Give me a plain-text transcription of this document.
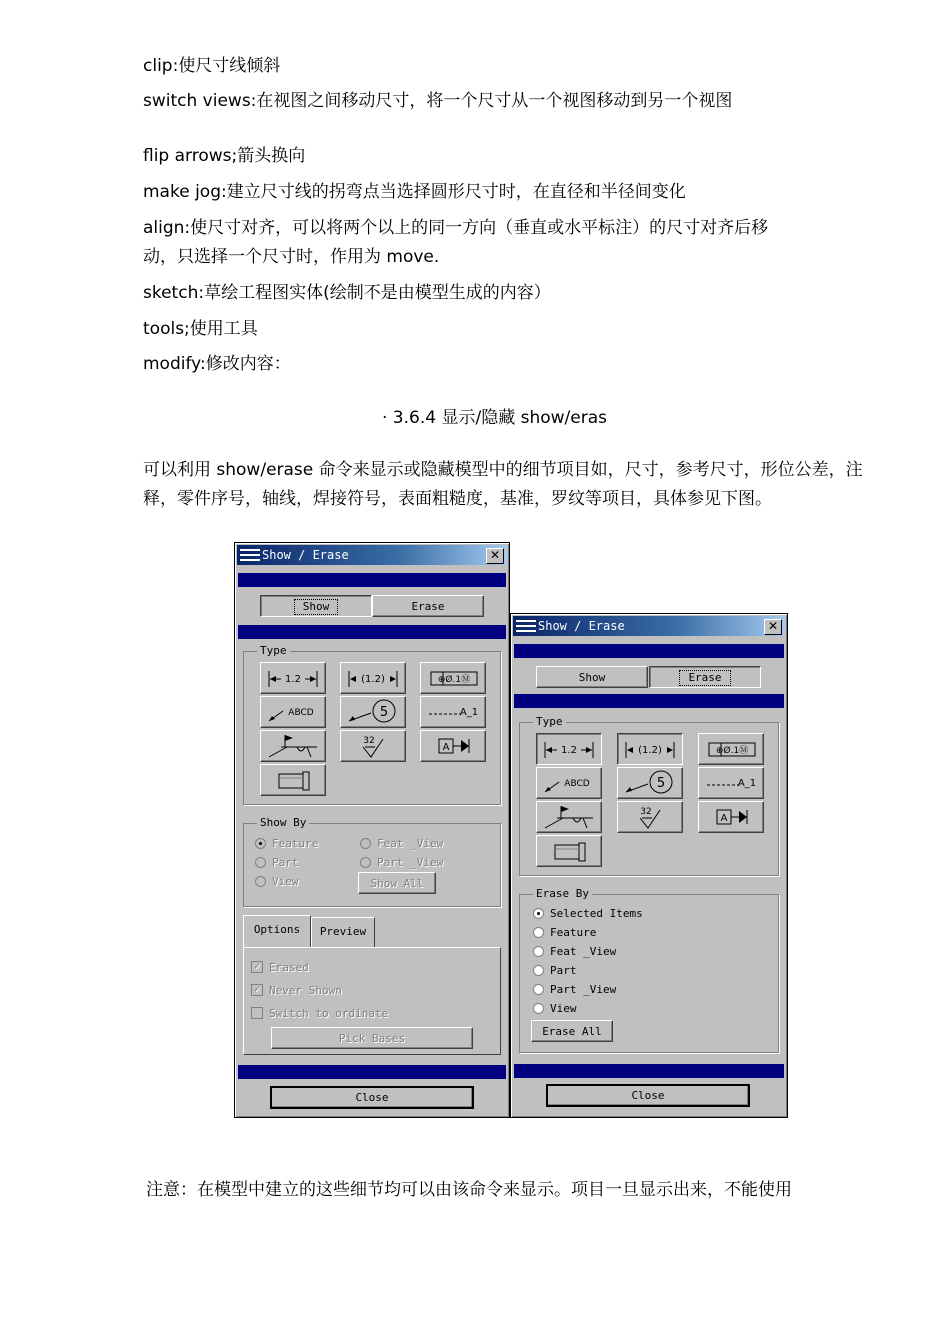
clip:使尺寸线倾斜
switch views:在视图之间移动尺寸，将一个尺寸从一个视图移动到另一个视图
flip arrows;箭头换向
make jog:建立尺寸线的拐弯点当选择圆形尺寸时，在直径和半径间变化
align:使尺寸对齐，可以将两个以上的同一方向（垂直或水平标注）的尺寸对齐后移
动，只选择一个尺寸时，作用为 move.
sketch:草绘工程图实体(绘制不是由模型生成的内容）
tools;使用工具
modify:修改内容：
· 3.6.4 显示/隐藏 show/eras
可以利用 show/erase 命令来显示或隐藏模型中的细节项目如，尺寸，参考尺寸，形位公差，注释，零件序号，轴线，焊接符号，表面粗糙度，基准，罗纹等项目，具体参见下图。
Show / Erase	✕
Show	Erase
Type
1.2	(1.2)	⊕Ø.1Ⓜ
ABCD	5	A_1
32
A
Show By
Feature	Feat _View
Part	Part _View
View	Show All
Options	Preview
✓ Erased
✓ Never Shown
Switch to ordinate
Pick Bases
Close
Show / Erase	✕
Show	Erase
Type
1.2	(1.2)	⊕Ø.1Ⓜ
ABCD	5	A_1
32
A
Erase By
Selected Items
Feature
Feat _View
Part
Part _View
View
Erase All
Close
注意：在模型中建立的这些细节均可以由该命令来显示。项目一旦显示出来，不能使用
